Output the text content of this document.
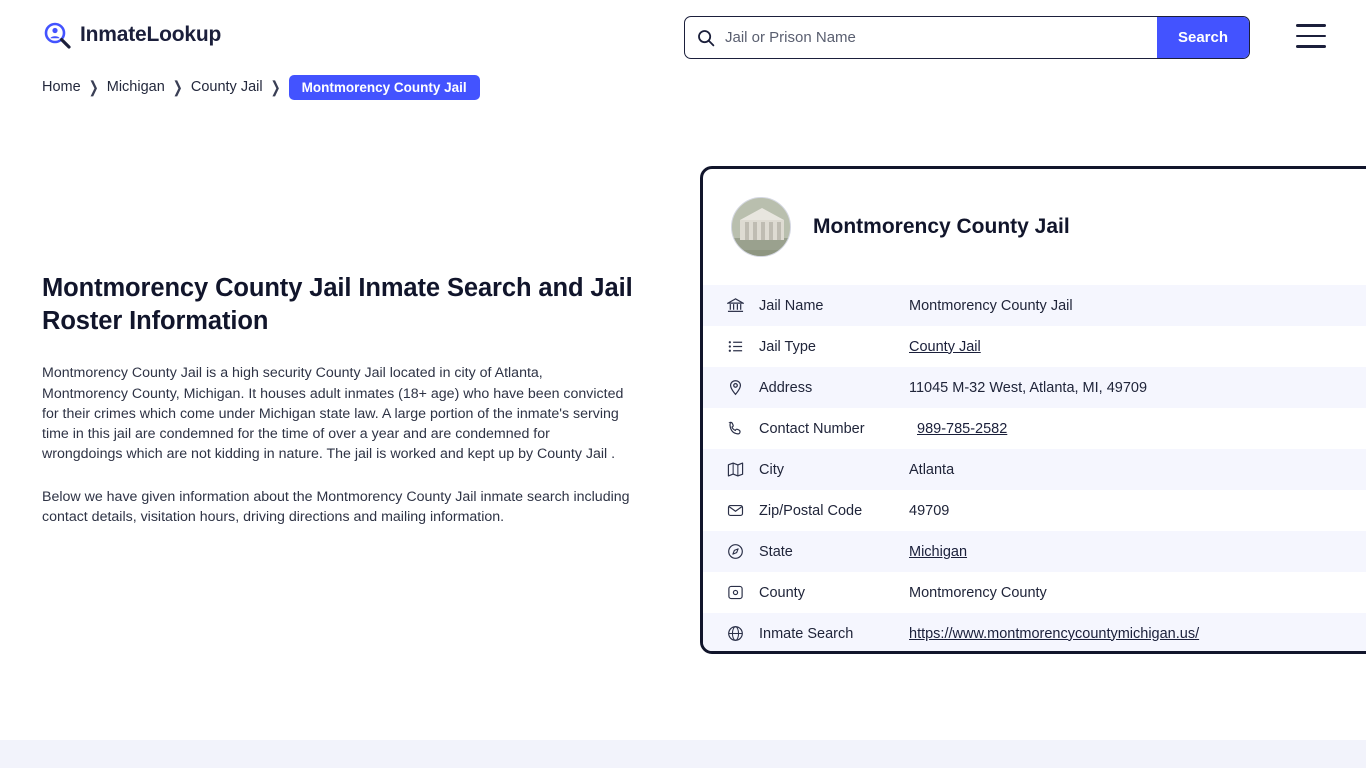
InmateLookup
Jail or Prison Name	Search
Home ❯ Michigan ❯ County Jail ❯	Montmorency County Jail
Montmorency County Jail Inmate Search and Jail Roster Information

Montmorency County Jail is a high security County Jail located in city of Atlanta, Montmorency County, Michigan. It houses adult inmates (18+ age) who have been convicted for their crimes which come under Michigan state law. A large portion of the inmate's serving time in this jail are condemned for the time of over a year and are condemned for wrongdoings which are not kidding in nature. The jail is worked and kept up by County Jail .

Below we have given information about the Montmorency County Jail inmate search including contact details, visitation hours, driving directions and mailing information.

Montmorency County Jail
Jail Name	Montmorency County Jail
Jail Type	County Jail
Address	11045 M-32 West, Atlanta, MI, 49709
Contact Number	989-785-2582
City	Atlanta
Zip/Postal Code	49709
State	Michigan
County	Montmorency County
Inmate Search	https://www.montmorencycountymichigan.us/
